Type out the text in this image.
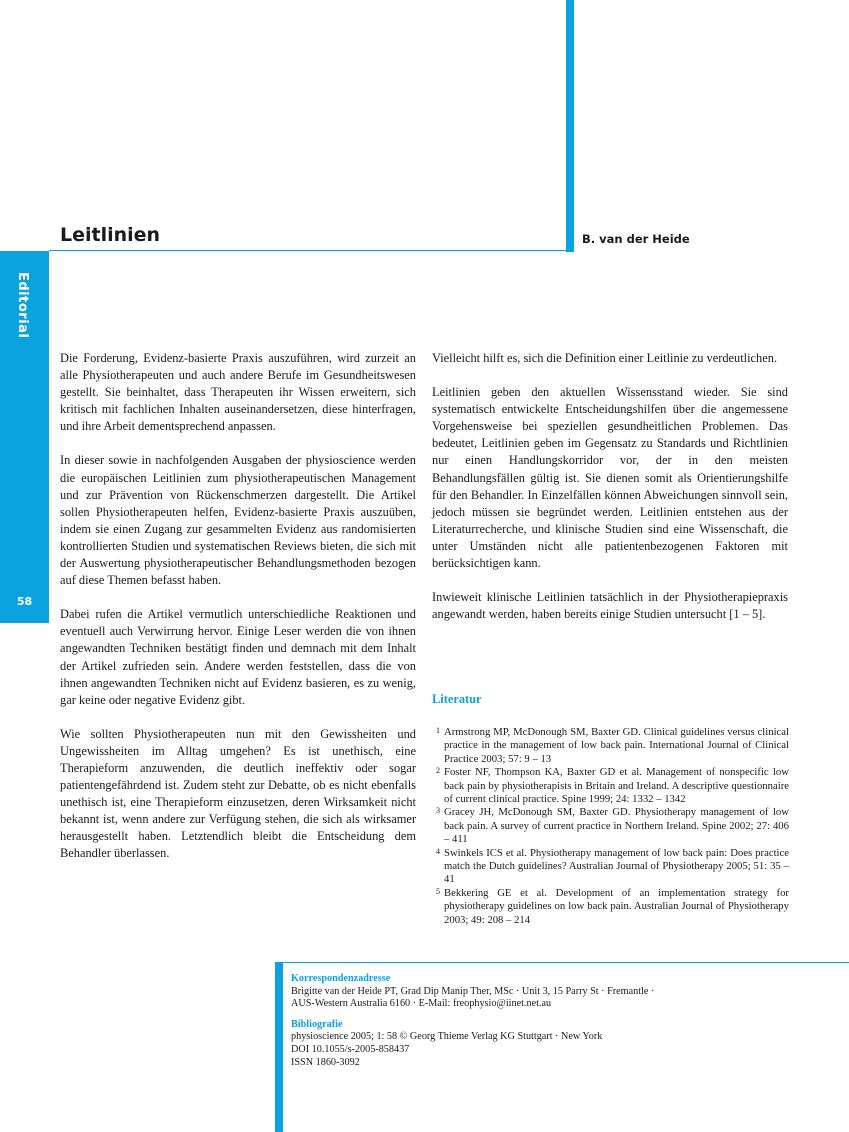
Leitlinien	B. van der Heide
Editorial
58

Die Forderung, Evidenz-basierte Praxis auszuführen, wird zurzeit an alle Physiotherapeuten und auch andere Berufe im Gesundheitswesen gestellt. Sie beinhaltet, dass Therapeuten ihr Wissen erweitern, sich kritisch mit fachlichen Inhalten auseinandersetzen, diese hinterfragen, und ihre Arbeit dementsprechend anpassen.

In dieser sowie in nachfolgenden Ausgaben der physioscience werden die europäischen Leitlinien zum physiotherapeutischen Management und zur Prävention von Rückenschmerzen dargestellt. Die Artikel sollen Physiotherapeuten helfen, Evidenz-basierte Praxis auszuüben, indem sie einen Zugang zur gesammelten Evidenz aus randomisierten kontrollierten Studien und systematischen Reviews bieten, die sich mit der Auswertung physiotherapeutischer Behandlungsmethoden bezogen auf diese Themen befasst haben.

Dabei rufen die Artikel vermutlich unterschiedliche Reaktionen und eventuell auch Verwirrung hervor. Einige Leser werden die von ihnen angewandten Techniken bestätigt finden und demnach mit dem Inhalt der Artikel zufrieden sein. Andere werden feststellen, dass die von ihnen angewandten Techniken nicht auf Evidenz basieren, es zu wenig, gar keine oder negative Evidenz gibt.

Wie sollten Physiotherapeuten nun mit den Gewissheiten und Ungewissheiten im Alltag umgehen? Es ist unethisch, eine Therapieform anzuwenden, die deutlich ineffektiv oder sogar patientengefährdend ist. Zudem steht zur Debatte, ob es nicht ebenfalls unethisch ist, eine Therapieform einzusetzen, deren Wirksamkeit nicht bekannt ist, wenn andere zur Verfügung stehen, die sich als wirksamer herausgestellt haben. Letztendlich bleibt die Entscheidung dem Behandler überlassen.

Vielleicht hilft es, sich die Definition einer Leitlinie zu verdeutlichen.

Leitlinien geben den aktuellen Wissensstand wieder. Sie sind systematisch entwickelte Entscheidungshilfen über die angemessene Vorgehensweise bei speziellen gesundheitlichen Problemen. Das bedeutet, Leitlinien geben im Gegensatz zu Standards und Richtlinien nur einen Handlungskorridor vor, der in den meisten Behandlungsfällen gültig ist. Sie dienen somit als Orientierungshilfe für den Behandler. In Einzelfällen können Abweichungen sinnvoll sein, jedoch müssen sie begründet werden. Leitlinien entstehen aus der Literaturrecherche, und klinische Studien sind eine Wissenschaft, die unter Umständen nicht alle patientenbezogenen Faktoren mit berücksichtigen kann.

Inwieweit klinische Leitlinien tatsächlich in der Physiotherapiepraxis angewandt werden, haben bereits einige Studien untersucht [1 – 5].

Literatur
1 Armstrong MP, McDonough SM, Baxter GD. Clinical guidelines versus clinical practice in the management of low back pain. International Journal of Clinical Practice 2003; 57: 9 – 13
2 Foster NF, Thompson KA, Baxter GD et al. Management of nonspecific low back pain by physiotherapists in Britain and Ireland. A descriptive questionnaire of current clinical practice. Spine 1999; 24: 1332 – 1342
3 Gracey JH, McDonough SM, Baxter GD. Physiotherapy management of low back pain. A survey of current practice in Northern Ireland. Spine 2002; 27: 406 – 411
4 Swinkels ICS et al. Physiotherapy management of low back pain: Does practice match the Dutch guidelines? Australian Journal of Physiotherapy 2005; 51: 35 – 41
5 Bekkering GE et al. Development of an implementation strategy for physiotherapy guidelines on low back pain. Australian Journal of Physiotherapy 2003; 49: 208 – 214
Korrespondenzadresse
Brigitte van der Heide PT, Grad Dip Manip Ther, MSc · Unit 3, 15 Parry St · Fremantle ·
AUS-Western Australia 6160 · E-Mail: freophysio@iinet.net.au
Bibliografie
physioscience 2005; 1: 58 © Georg Thieme Verlag KG Stuttgart · New York
DOI 10.1055/s-2005-858437
ISSN 1860-3092
